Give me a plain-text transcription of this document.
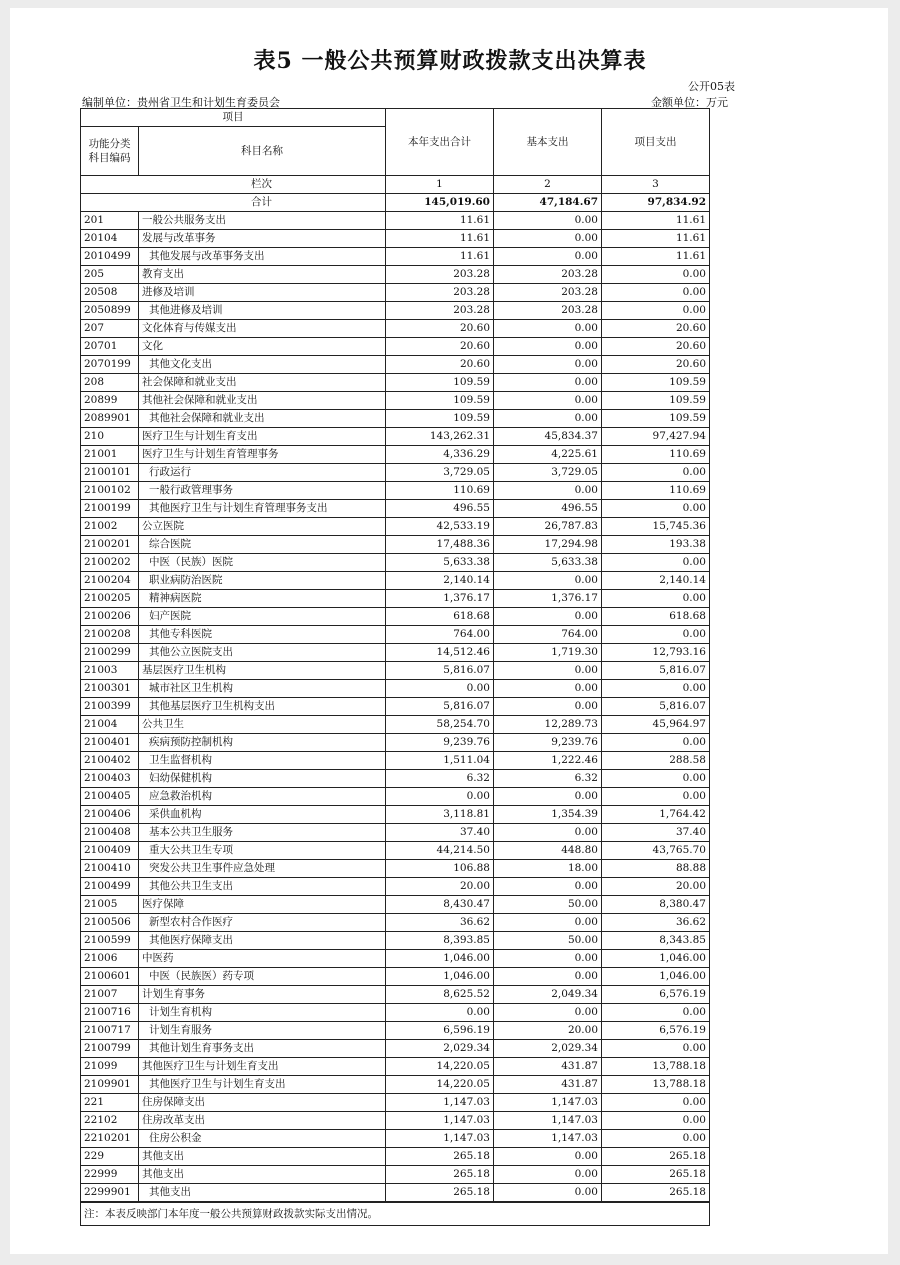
表5 一般公共预算财政拨款支出决算表
公开05表
编制单位：贵州省卫生和计划生育委员会	金额单位：万元
项目		本年支出合计	基本支出	项目支出
功能分类科目编码	科目名称			
栏次		1	2	3
合计		145,019.60	47,184.67	97,834.92
201	一般公共服务支出	11.61	0.00	11.61
20104	发展与改革事务	11.61	0.00	11.61
2010499	其他发展与改革事务支出	11.61	0.00	11.61
205	教育支出	203.28	203.28	0.00
20508	进修及培训	203.28	203.28	0.00
2050899	其他进修及培训	203.28	203.28	0.00
207	文化体育与传媒支出	20.60	0.00	20.60
20701	文化	20.60	0.00	20.60
2070199	其他文化支出	20.60	0.00	20.60
208	社会保障和就业支出	109.59	0.00	109.59
20899	其他社会保障和就业支出	109.59	0.00	109.59
2089901	其他社会保障和就业支出	109.59	0.00	109.59
210	医疗卫生与计划生育支出	143,262.31	45,834.37	97,427.94
21001	医疗卫生与计划生育管理事务	4,336.29	4,225.61	110.69
2100101	行政运行	3,729.05	3,729.05	0.00
2100102	一般行政管理事务	110.69	0.00	110.69
2100199	其他医疗卫生与计划生育管理事务支出	496.55	496.55	0.00
21002	公立医院	42,533.19	26,787.83	15,745.36
2100201	综合医院	17,488.36	17,294.98	193.38
2100202	中医（民族）医院	5,633.38	5,633.38	0.00
2100204	职业病防治医院	2,140.14	0.00	2,140.14
2100205	精神病医院	1,376.17	1,376.17	0.00
2100206	妇产医院	618.68	0.00	618.68
2100208	其他专科医院	764.00	764.00	0.00
2100299	其他公立医院支出	14,512.46	1,719.30	12,793.16
21003	基层医疗卫生机构	5,816.07	0.00	5,816.07
2100301	城市社区卫生机构	0.00	0.00	0.00
2100399	其他基层医疗卫生机构支出	5,816.07	0.00	5,816.07
21004	公共卫生	58,254.70	12,289.73	45,964.97
2100401	疾病预防控制机构	9,239.76	9,239.76	0.00
2100402	卫生监督机构	1,511.04	1,222.46	288.58
2100403	妇幼保健机构	6.32	6.32	0.00
2100405	应急救治机构	0.00	0.00	0.00
2100406	采供血机构	3,118.81	1,354.39	1,764.42
2100408	基本公共卫生服务	37.40	0.00	37.40
2100409	重大公共卫生专项	44,214.50	448.80	43,765.70
2100410	突发公共卫生事件应急处理	106.88	18.00	88.88
2100499	其他公共卫生支出	20.00	0.00	20.00
21005	医疗保障	8,430.47	50.00	8,380.47
2100506	新型农村合作医疗	36.62	0.00	36.62
2100599	其他医疗保障支出	8,393.85	50.00	8,343.85
21006	中医药	1,046.00	0.00	1,046.00
2100601	中医（民族医）药专项	1,046.00	0.00	1,046.00
21007	计划生育事务	8,625.52	2,049.34	6,576.19
2100716	计划生育机构	0.00	0.00	0.00
2100717	计划生育服务	6,596.19	20.00	6,576.19
2100799	其他计划生育事务支出	2,029.34	2,029.34	0.00
21099	其他医疗卫生与计划生育支出	14,220.05	431.87	13,788.18
2109901	其他医疗卫生与计划生育支出	14,220.05	431.87	13,788.18
221	住房保障支出	1,147.03	1,147.03	0.00
22102	住房改革支出	1,147.03	1,147.03	0.00
2210201	住房公积金	1,147.03	1,147.03	0.00
229	其他支出	265.18	0.00	265.18
22999	其他支出	265.18	0.00	265.18
2299901	其他支出	265.18	0.00	265.18
注：本表反映部门本年度一般公共预算财政拨款实际支出情况。				
